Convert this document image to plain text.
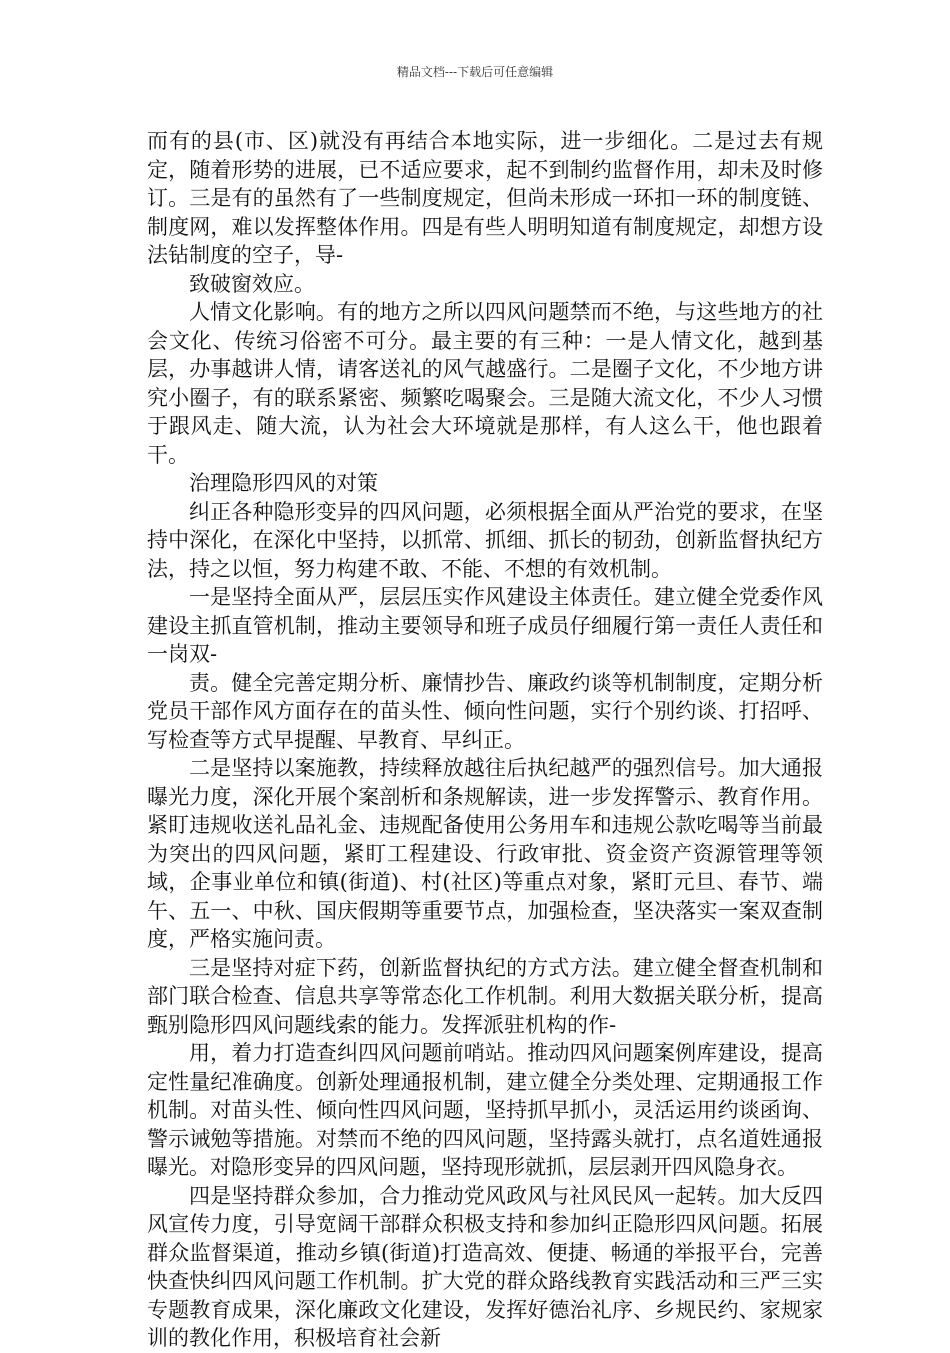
精品文档---下载后可任意编辑

而有的县(市、区)就没有再结合本地实际，进一步细化。二是过去有规定，随着形势的进展，已不适应要求，起不到制约监督作用，却未及时修订。三是有的虽然有了一些制度规定，但尚未形成一环扣一环的制度链、制度网，难以发挥整体作用。四是有些人明明知道有制度规定，却想方设法钻制度的空子，导-

致破窗效应。

人情文化影响。有的地方之所以四风问题禁而不绝，与这些地方的社会文化、传统习俗密不可分。最主要的有三种：一是人情文化，越到基层，办事越讲人情，请客送礼的风气越盛行。二是圈子文化，不少地方讲究小圈子，有的联系紧密、频繁吃喝聚会。三是随大流文化，不少人习惯于跟风走、随大流，认为社会大环境就是那样，有人这么干，他也跟着干。

治理隐形四风的对策

纠正各种隐形变异的四风问题，必须根据全面从严治党的要求，在坚持中深化，在深化中坚持，以抓常、抓细、抓长的韧劲，创新监督执纪方法，持之以恒，努力构建不敢、不能、不想的有效机制。

一是坚持全面从严，层层压实作风建设主体责任。建立健全党委作风建设主抓直管机制，推动主要领导和班子成员仔细履行第一责任人责任和一岗双-

责。健全完善定期分析、廉情抄告、廉政约谈等机制制度，定期分析党员干部作风方面存在的苗头性、倾向性问题，实行个别约谈、打招呼、写检查等方式早提醒、早教育、早纠正。

二是坚持以案施教，持续释放越往后执纪越严的强烈信号。加大通报曝光力度，深化开展个案剖析和条规解读，进一步发挥警示、教育作用。紧盯违规收送礼品礼金、违规配备使用公务用车和违规公款吃喝等当前最为突出的四风问题，紧盯工程建设、行政审批、资金资产资源管理等领域，企事业单位和镇(街道)、村(社区)等重点对象，紧盯元旦、春节、端午、五一、中秋、国庆假期等重要节点，加强检查，坚决落实一案双查制度，严格实施问责。

三是坚持对症下药，创新监督执纪的方式方法。建立健全督查机制和部门联合检查、信息共享等常态化工作机制。利用大数据关联分析，提高甄别隐形四风问题线索的能力。发挥派驻机构的作-

用，着力打造查纠四风问题前哨站。推动四风问题案例库建设，提高定性量纪准确度。创新处理通报机制，建立健全分类处理、定期通报工作机制。对苗头性、倾向性四风问题，坚持抓早抓小，灵活运用约谈函询、警示诫勉等措施。对禁而不绝的四风问题，坚持露头就打，点名道姓通报曝光。对隐形变异的四风问题，坚持现形就抓，层层剥开四风隐身衣。

四是坚持群众参加，合力推动党风政风与社风民风一起转。加大反四风宣传力度，引导宽阔干部群众积极支持和参加纠正隐形四风问题。拓展群众监督渠道，推动乡镇(街道)打造高效、便捷、畅通的举报平台，完善快查快纠四风问题工作机制。扩大党的群众路线教育实践活动和三严三实专题教育成果，深化廉政文化建设，发挥好德治礼序、乡规民约、家规家训的教化作用，积极培育社会新
